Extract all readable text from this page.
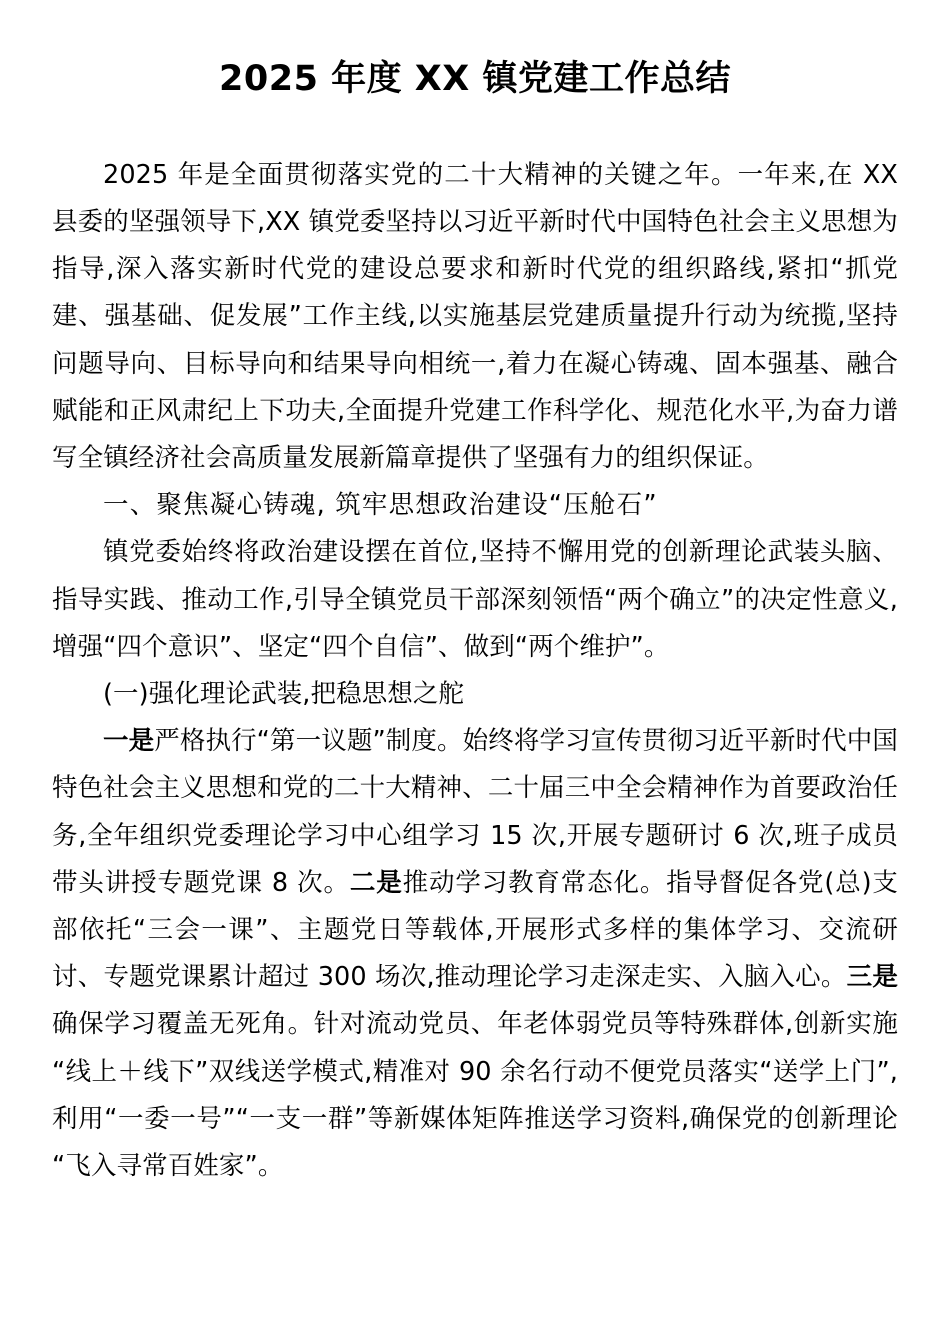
2025 年度 XX 镇党建工作总结

2025 年是全面贯彻落实党的二十大精神的关键之年。一年来,在 XX 县委的坚强领导下,XX 镇党委坚持以习近平新时代中国特色社会主义思想为指导,深入落实新时代党的建设总要求和新时代党的组织路线,紧扣“抓党建、强基础、促发展”工作主线,以实施基层党建质量提升行动为统揽,坚持问题导向、目标导向和结果导向相统一,着力在凝心铸魂、固本强基、融合赋能和正风肃纪上下功夫,全面提升党建工作科学化、规范化水平,为奋力谱写全镇经济社会高质量发展新篇章提供了坚强有力的组织保证。

一、聚焦凝心铸魂, 筑牢思想政治建设“压舱石”

镇党委始终将政治建设摆在首位,坚持不懈用党的创新理论武装头脑、指导实践、推动工作,引导全镇党员干部深刻领悟“两个确立”的决定性意义,增强“四个意识”、坚定“四个自信”、做到“两个维护”。

(一)强化理论武装,把稳思想之舵

一是严格执行“第一议题”制度。始终将学习宣传贯彻习近平新时代中国特色社会主义思想和党的二十大精神、二十届三中全会精神作为首要政治任务,全年组织党委理论学习中心组学习 15 次,开展专题研讨 6 次,班子成员带头讲授专题党课 8 次。二是推动学习教育常态化。指导督促各党(总)支部依托“三会一课”、主题党日等载体,开展形式多样的集体学习、交流研讨、专题党课累计超过 300 场次,推动理论学习走深走实、入脑入心。三是确保学习覆盖无死角。针对流动党员、年老体弱党员等特殊群体,创新实施“线上＋线下”双线送学模式,精准对 90 余名行动不便党员落实“送学上门”,利用“一委一号”“一支一群”等新媒体矩阵推送学习资料,确保党的创新理论“飞入寻常百姓家”。
